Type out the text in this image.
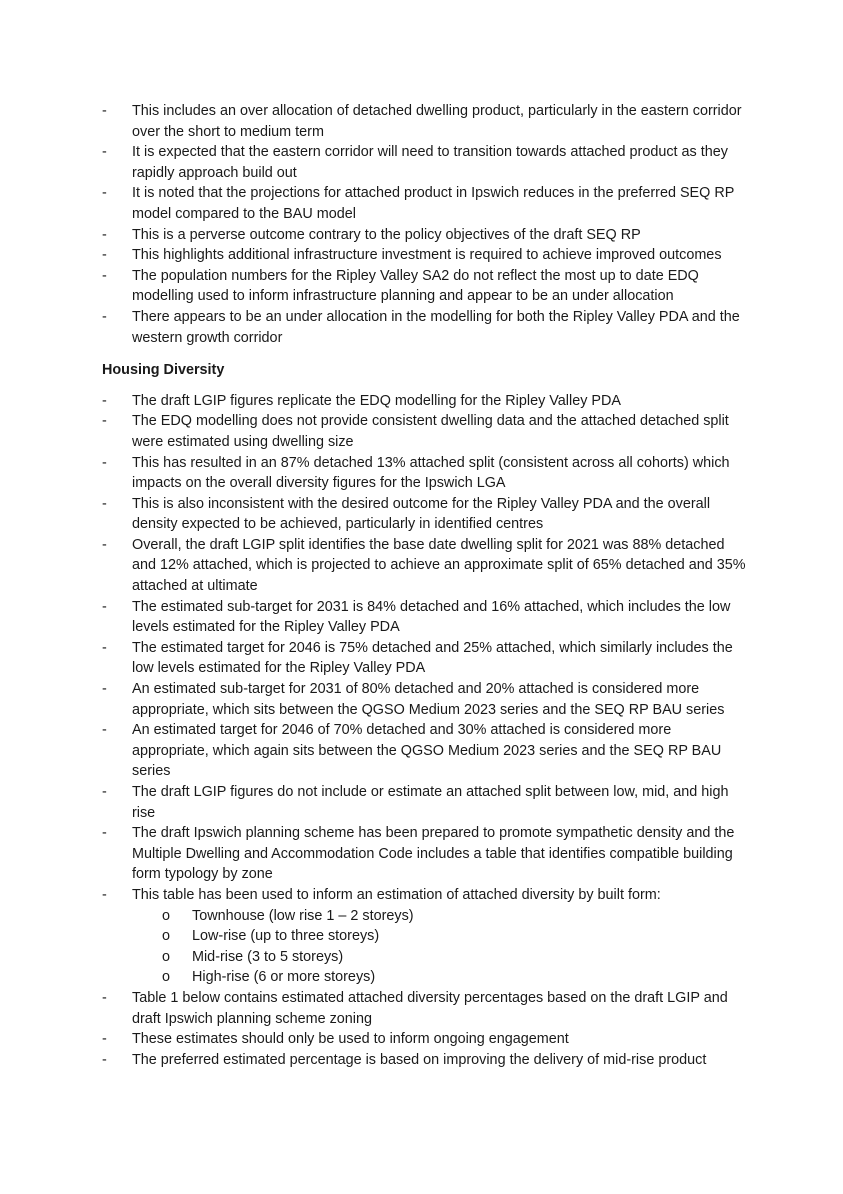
-	This includes an over allocation of detached dwelling product, particularly in the eastern corridor over the short to medium term
-	It is expected that the eastern corridor will need to transition towards attached product as they rapidly approach build out
-	It is noted that the projections for attached product in Ipswich reduces in the preferred SEQ RP model compared to the BAU model
-	This is a perverse outcome contrary to the policy objectives of the draft SEQ RP
-	This highlights additional infrastructure investment is required to achieve improved outcomes
-	The population numbers for the Ripley Valley SA2 do not reflect the most up to date EDQ modelling used to inform infrastructure planning and appear to be an under allocation
-	There appears to be an under allocation in the modelling for both the Ripley Valley PDA and the western growth corridor
Housing Diversity
-	The draft LGIP figures replicate the EDQ modelling for the Ripley Valley PDA
-	The EDQ modelling does not provide consistent dwelling data and the attached detached split were estimated using dwelling size
-	This has resulted in an 87% detached 13% attached split (consistent across all cohorts) which impacts on the overall diversity figures for the Ipswich LGA
-	This is also inconsistent with the desired outcome for the Ripley Valley PDA and the overall density expected to be achieved, particularly in identified centres
-	Overall, the draft LGIP split identifies the base date dwelling split for 2021 was 88% detached and 12% attached, which is projected to achieve an approximate split of 65% detached and 35% attached at ultimate
-	The estimated sub-target for 2031 is 84% detached and 16% attached, which includes the low levels estimated for the Ripley Valley PDA
-	The estimated target for 2046 is 75% detached and 25% attached, which similarly includes the low levels estimated for the Ripley Valley PDA
-	An estimated sub-target for 2031 of 80% detached and 20% attached is considered more appropriate, which sits between the QGSO Medium 2023 series and the SEQ RP BAU series
-	An estimated target for 2046 of 70% detached and 30% attached is considered more appropriate, which again sits between the QGSO Medium 2023 series and the SEQ RP BAU series
-	The draft LGIP figures do not include or estimate an attached split between low, mid, and high rise
-	The draft Ipswich planning scheme has been prepared to promote sympathetic density and the Multiple Dwelling and Accommodation Code includes a table that identifies compatible building form typology by zone
-	This table has been used to inform an estimation of attached diversity by built form:
o Townhouse (low rise 1 – 2 storeys)
o Low-rise (up to three storeys)
o Mid-rise (3 to 5 storeys)
o High-rise (6 or more storeys)
-	Table 1 below contains estimated attached diversity percentages based on the draft LGIP and draft Ipswich planning scheme zoning
-	These estimates should only be used to inform ongoing engagement
-	The preferred estimated percentage is based on improving the delivery of mid-rise product
